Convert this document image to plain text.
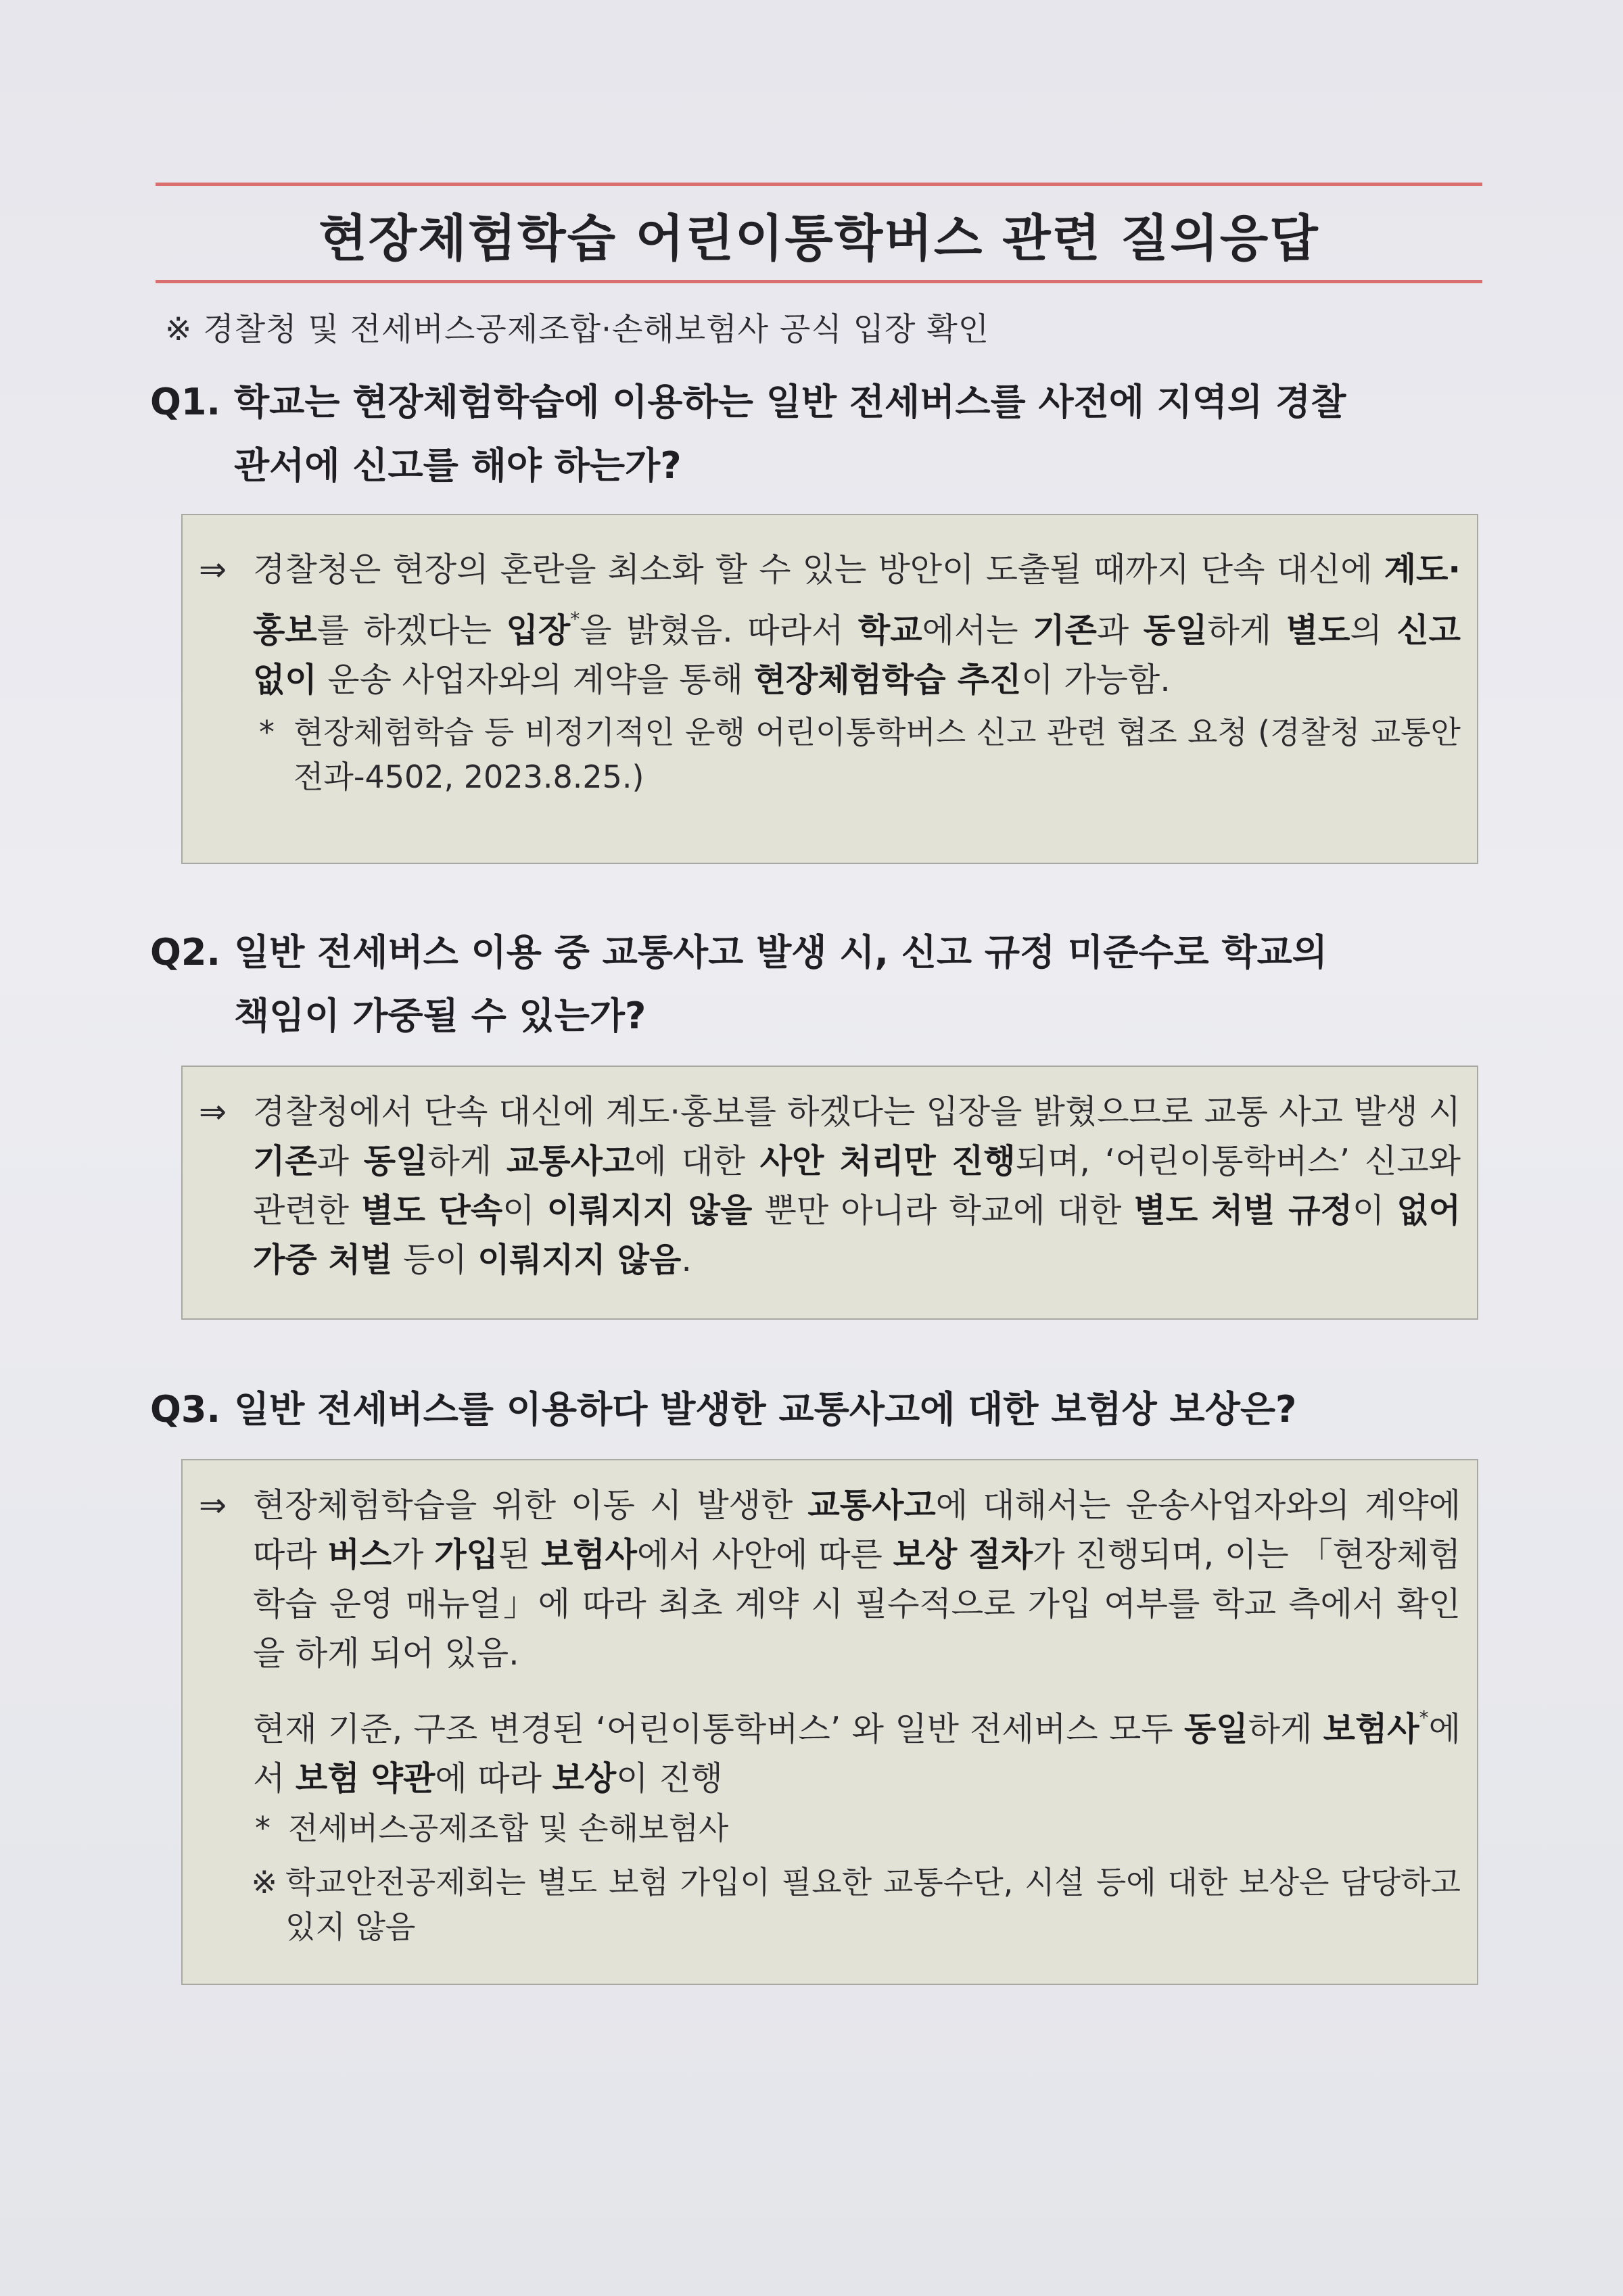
현장체험학습 어린이통학버스 관련 질의응답
※ 경찰청 및 전세버스공제조합·손해보험사 공식 입장 확인
Q1. 학교는 현장체험학습에 이용하는 일반 전세버스를 사전에 지역의 경찰
관서에 신고를 해야 하는가?
⇒ 경찰청은 현장의 혼란을 최소화 할 수 있는 방안이 도출될 때까지 단속 대신에 계도·홍보를 하겠다는 입장*을 밝혔음. 따라서 학교에서는 기존과 동일하게 별도의 신고 없이 운송 사업자와의 계약을 통해 현장체험학습 추진이 가능함.
* 현장체험학습 등 비정기적인 운행 어린이통학버스 신고 관련 협조 요청 (경찰청 교통안전과-4502, 2023.8.25.)
Q2. 일반 전세버스 이용 중 교통사고 발생 시, 신고 규정 미준수로 학교의
책임이 가중될 수 있는가?
⇒ 경찰청에서 단속 대신에 계도·홍보를 하겠다는 입장을 밝혔으므로 교통 사고 발생 시 기존과 동일하게 교통사고에 대한 사안 처리만 진행되며, ‘어린이통학버스’ 신고와 관련한 별도 단속이 이뤄지지 않을 뿐만 아니라 학교에 대한 별도 처벌 규정이 없어 가중 처벌 등이 이뤄지지 않음.
Q3. 일반 전세버스를 이용하다 발생한 교통사고에 대한 보험상 보상은?
⇒ 현장체험학습을 위한 이동 시 발생한 교통사고에 대해서는 운송사업자와의 계약에 따라 버스가 가입된 보험사에서 사안에 따른 보상 절차가 진행되며, 이는 「현장체험학습 운영 매뉴얼」에 따라 최초 계약 시 필수적으로 가입 여부를 학교 측에서 확인을 하게 되어 있음.
현재 기준, 구조 변경된 ‘어린이통학버스’ 와 일반 전세버스 모두 동일하게 보험사*에서 보험 약관에 따라 보상이 진행
* 전세버스공제조합 및 손해보험사
※ 학교안전공제회는 별도 보험 가입이 필요한 교통수단, 시설 등에 대한 보상은 담당하고 있지 않음
